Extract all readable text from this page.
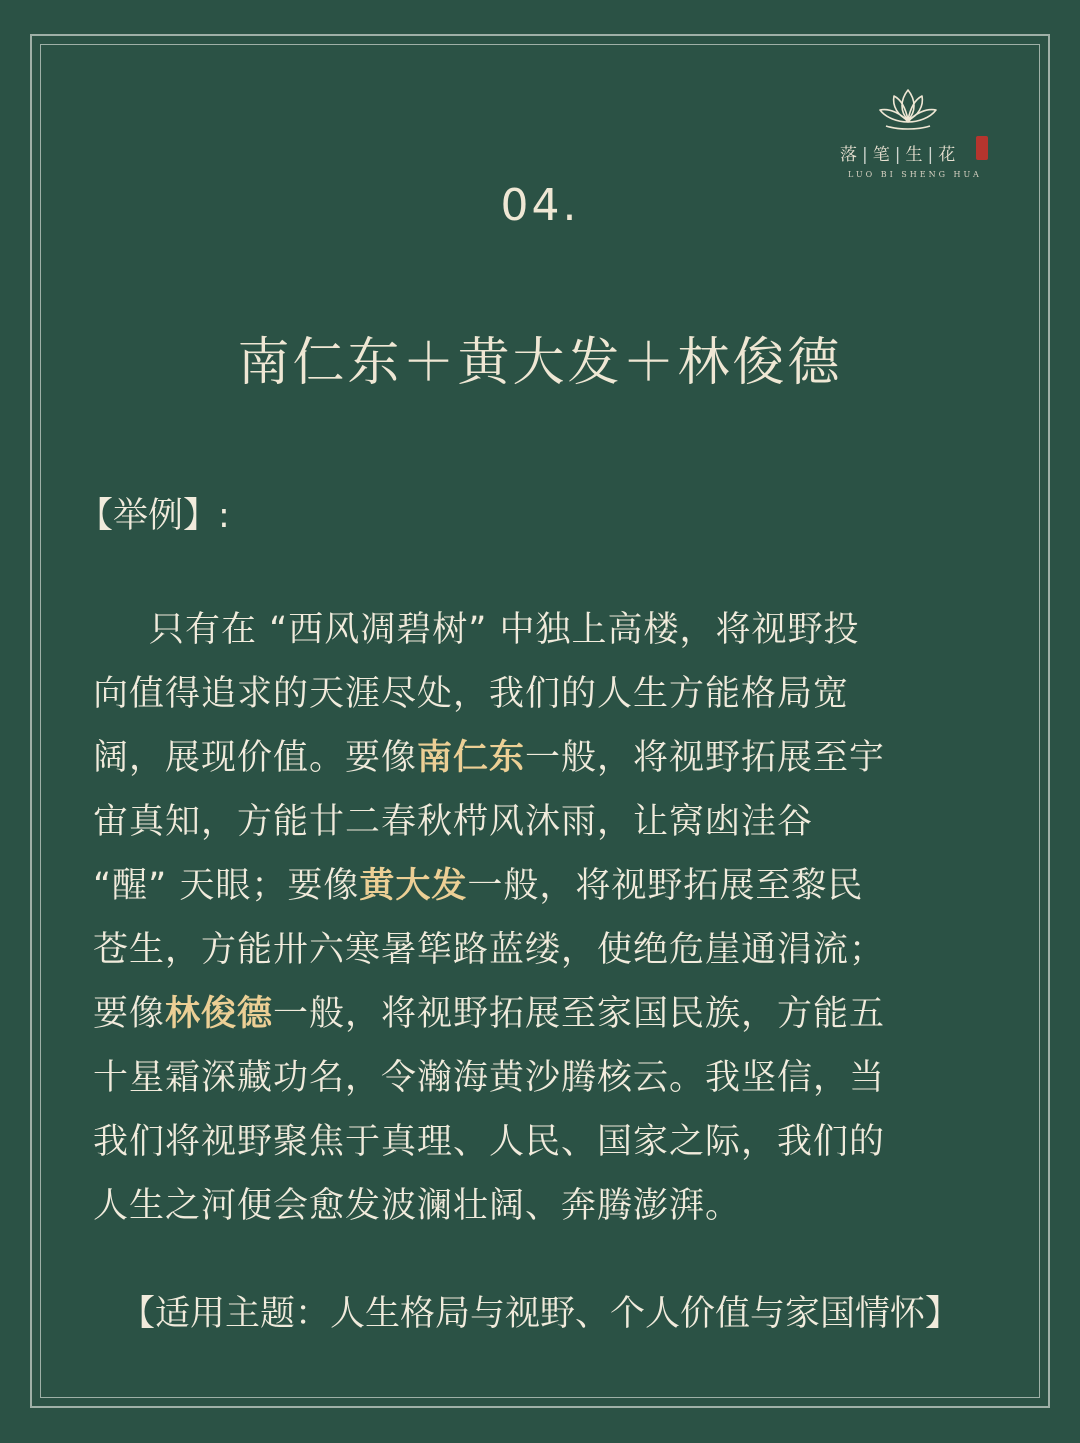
落 | 笔 | 生 | 花
LUO BI SHENG HUA
04.
南仁东＋黄大发＋林俊德
【举例】:
只有在 “西风凋碧树” 中独上高楼，将视野投
向值得追求的天涯尽处，我们的人生方能格局宽
阔，展现价值。要像南仁东一般，将视野拓展至宇
宙真知，方能廿二春秋栉风沐雨，让窝凼洼谷
“醒” 天眼；要像黄大发一般，将视野拓展至黎民
苍生，方能卅六寒暑筚路蓝缕，使绝危崖通涓流；
要像林俊德一般，将视野拓展至家国民族，方能五
十星霜深藏功名，令瀚海黄沙腾核云。我坚信，当
我们将视野聚焦于真理、人民、国家之际，我们的
人生之河便会愈发波澜壮阔、奔腾澎湃。
【适用主题：人生格局与视野、个人价值与家国情怀】
